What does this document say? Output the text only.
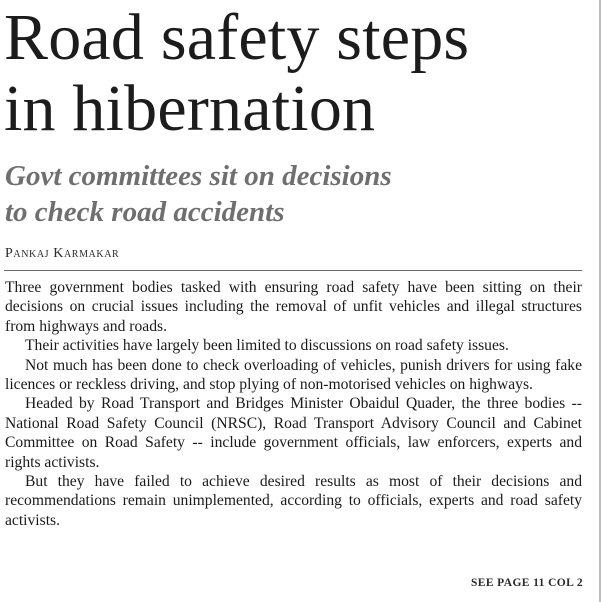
Road safety steps
in hibernation
Govt committees sit on decisions
to check road accidents
Pankaj Karmakar

Three government bodies tasked with ensuring road safety have been sitting on their decisions on crucial issues including the removal of unfit vehicles and illegal structures from highways and roads.

Their activities have largely been limited to discussions on road safety issues.

Not much has been done to check overloading of vehicles, punish drivers for using fake licences or reckless driving, and stop plying of non-motorised vehicles on highways.

Headed by Road Transport and Bridges Minister Obaidul Quader, the three bodies -- National Road Safety Council (NRSC), Road Transport Advisory Council and Cabinet Committee on Road Safety -- include government officials, law enforcers, experts and rights activists.

But they have failed to achieve desired results as most of their decisions and recommendations remain unimplemented, according to officials, experts and road safety activists.

SEE PAGE 11 COL 2
